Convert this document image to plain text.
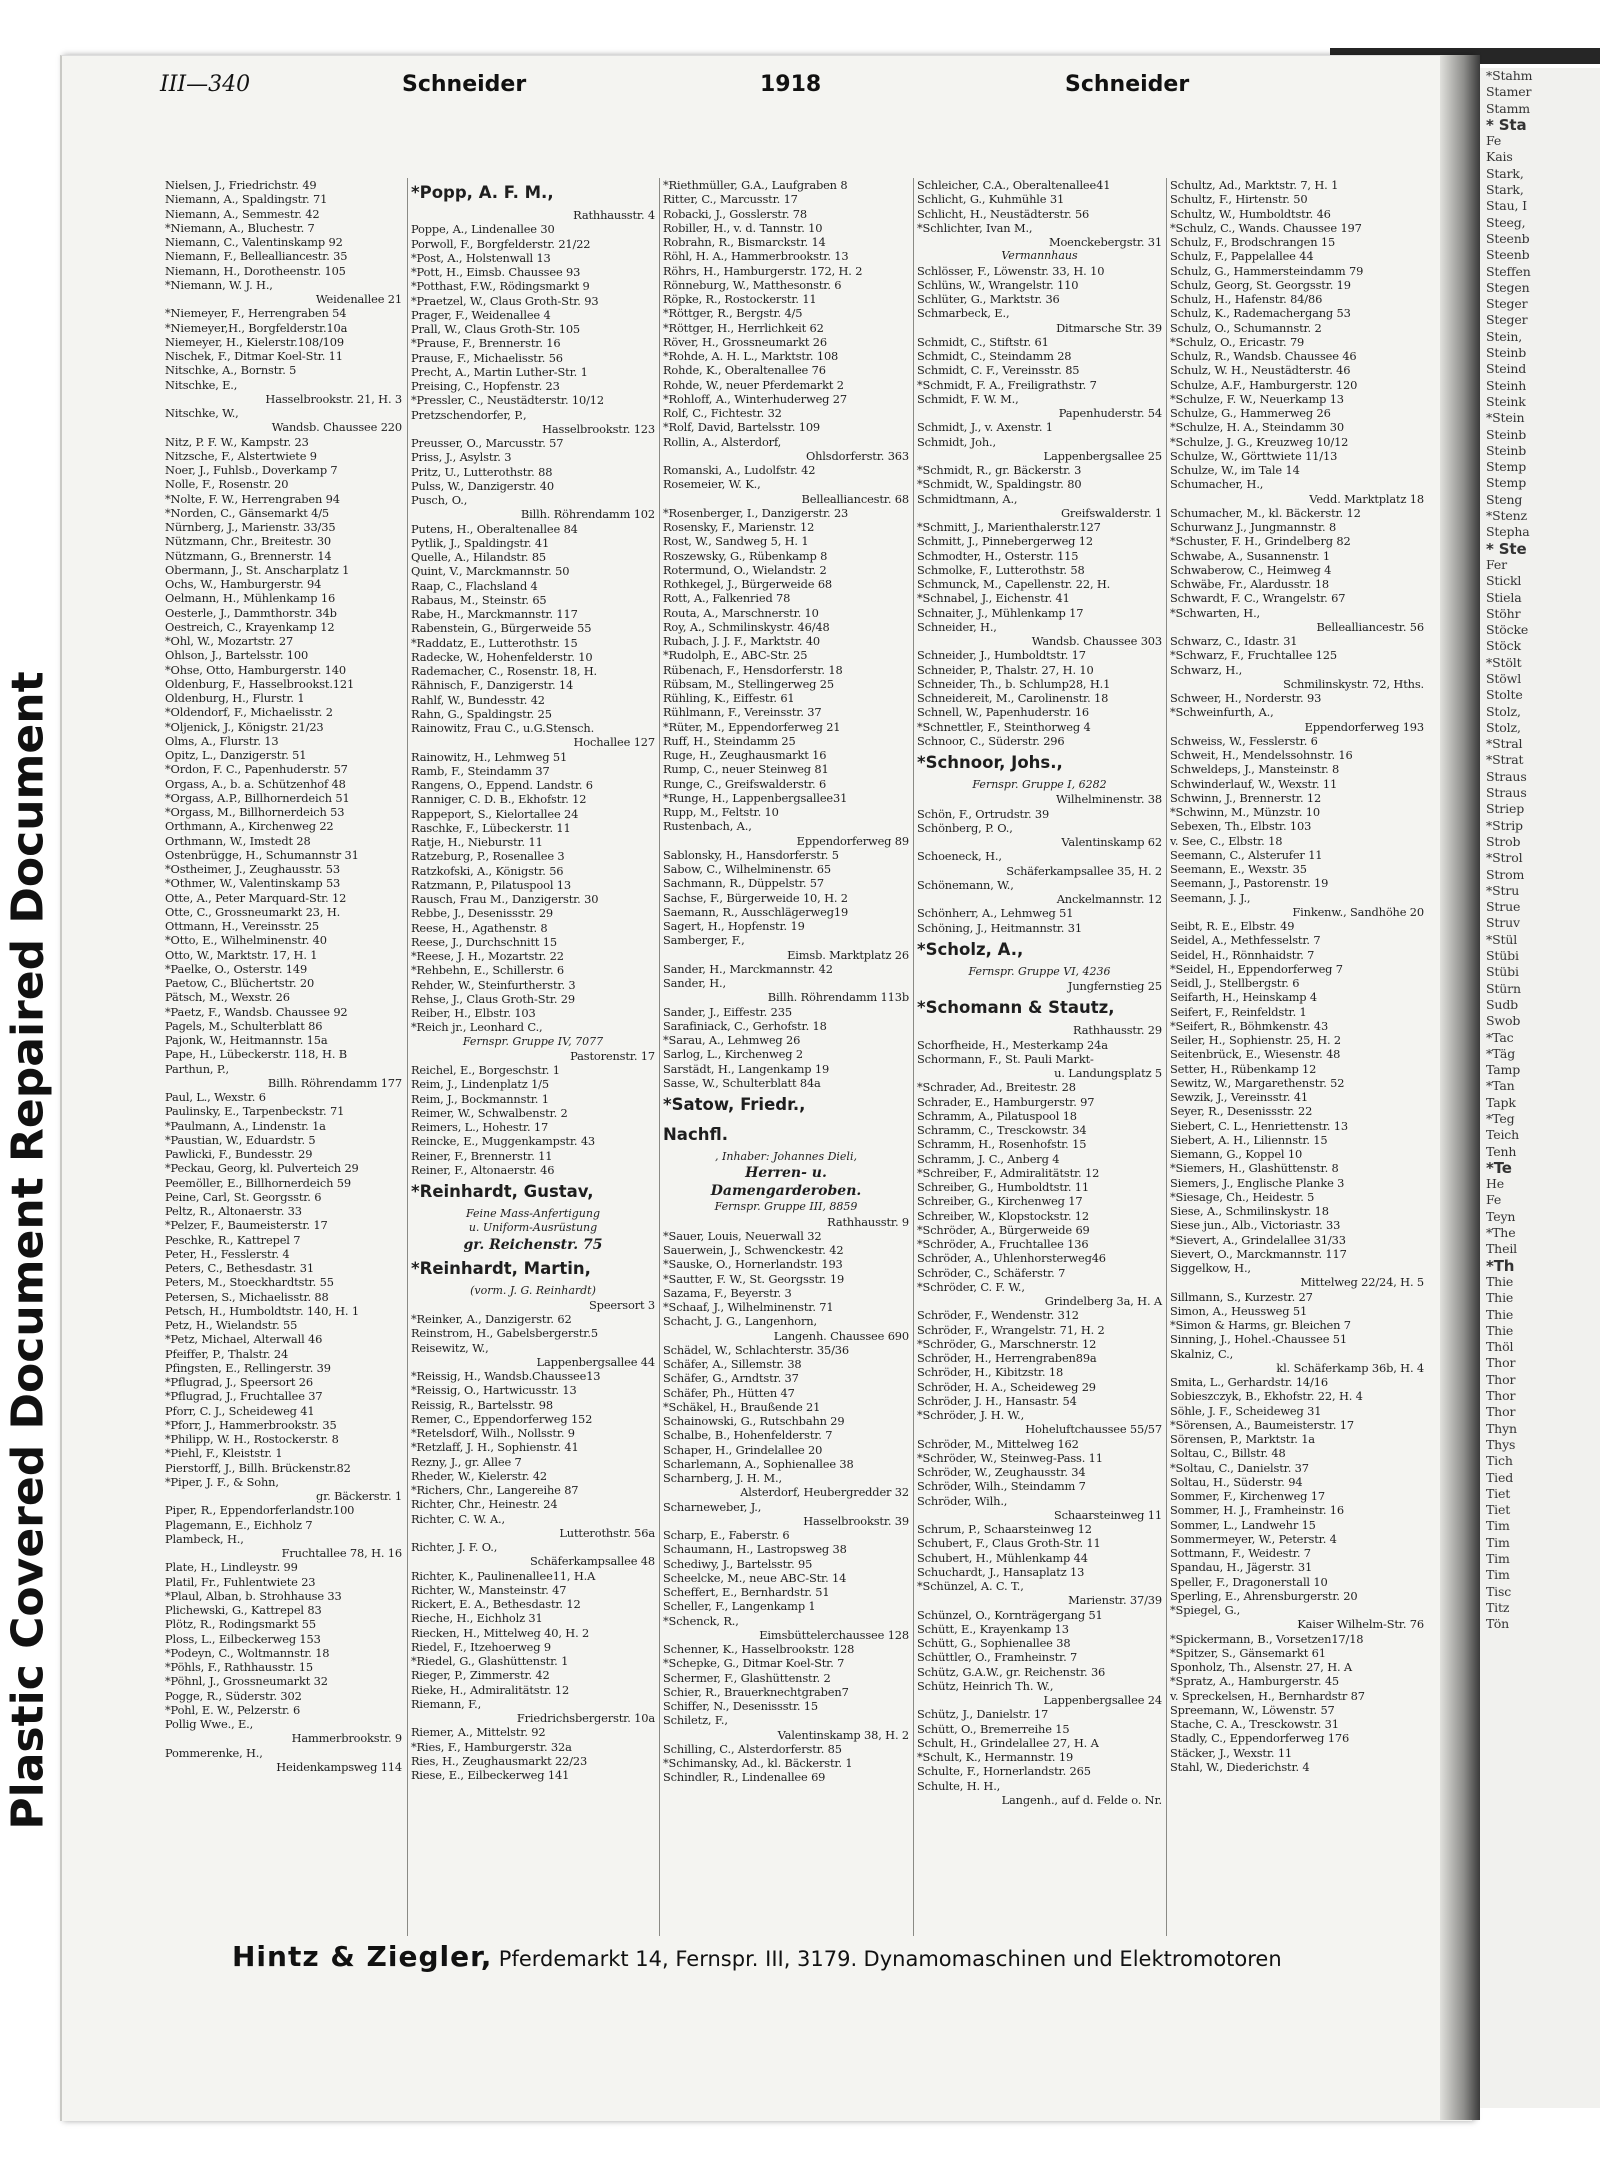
Plastic Covered Document Repaired Document
*Stahm
Stamer
Stamm
* Sta
Fe
Kais
Stark,
Stark,
Stau, I
Steeg,
Steenb
Steenb
Steffen
Stegen
Steger
Steger
Stein,
Steinb
Steind
Steinh
Steink
*Stein
Steinb
Steinb
Stemp
Stemp
Steng
*Stenz
Stepha
* Ste
Fer
Stickl
Stiela
Stöhr
Stöcke
Stöck
*Stölt
Stöwl
Stolte
Stolz,
Stolz,
*Stral
*Strat
Straus
Straus
Striep
*Strip
Strob
*Strol
Strom
*Stru
Strue
Struv
*Stül
Stübi
Stübi
Stürn
Sudb
Swob
*Tac
*Täg
Tamp
*Tan
Tapk
*Teg
Teich
Tenh
*Te
He
Fe
Teyn
*The
Theil
*Th
Thie
Thie
Thie
Thie
Thöl
Thor
Thor
Thor
Thor
Thyn
Thys
Tich
Tied
Tiet
Tiet
Tim
Tim
Tim
Tim
Tisc
Titz
Tön
III—340	Schneider	1918	Schneider
Nielsen, J., Friedrichstr. 49
Niemann, A., Spaldingstr. 71
Niemann, A., Semmestr. 42
*Niemann, A., Bluchestr. 7
Niemann, C., Valentinskamp 92
Niemann, F., Bellealliancestr. 35
Niemann, H., Dorotheenstr. 105
*Niemann, W. J. H.,
Weidenallee 21
*Niemeyer, F., Herrengraben 54
*Niemeyer,H., Borgfelderstr.10a
Niemeyer, H., Kielerstr.108/109
Nischek, F., Ditmar Koel-Str. 11
Nitschke, A., Bornstr. 5
Nitschke, E.,
Hasselbrookstr. 21, H. 3
Nitschke, W.,
Wandsb. Chaussee 220
Nitz, P. F. W., Kampstr. 23
Nitzsche, F., Alstertwiete 9
Noer, J., Fuhlsb., Doverkamp 7
Nolle, F., Rosenstr. 20
*Nolte, F. W., Herrengraben 94
*Norden, C., Gänsemarkt 4/5
Nürnberg, J., Marienstr. 33/35
Nützmann, Chr., Breitestr. 30
Nützmann, G., Brennerstr. 14
Obermann, J., St. Anscharplatz 1
Ochs, W., Hamburgerstr. 94
Oelmann, H., Mühlenkamp 16
Oesterle, J., Dammthorstr. 34b
Oestreich, C., Krayenkamp 12
*Ohl, W., Mozartstr. 27
Ohlson, J., Bartelsstr. 100
*Ohse, Otto, Hamburgerstr. 140
Oldenburg, F., Hasselbrookst.121
Oldenburg, H., Flurstr. 1
*Oldendorf, F., Michaelisstr. 2
*Oljenick, J., Königstr. 21/23
Olms, A., Flurstr. 13
Opitz, L., Danzigerstr. 51
*Ordon, F. C., Papenhuderstr. 57
Orgass, A., b. a. Schützenhof 48
*Orgass, A.P., Billhornerdeich 51
*Orgass, M., Billhornerdeich 53
Orthmann, A., Kirchenweg 22
Orthmann, W., Imstedt 28
Ostenbrügge, H., Schumannstr 31
*Ostheimer, J., Zeughausstr. 53
*Othmer, W., Valentinskamp 53
Otte, A., Peter Marquard-Str. 12
Otte, C., Grossneumarkt 23, H.
Ottmann, H., Vereinsstr. 25
*Otto, E., Wilhelminenstr. 40
Otto, W., Marktstr. 17, H. 1
*Paelke, O., Osterstr. 149
Paetow, C., Blüchertstr. 20
Pätsch, M., Wexstr. 26
*Paetz, F., Wandsb. Chaussee 92
Pagels, M., Schulterblatt 86
Pajonk, W., Heitmannstr. 15a
Pape, H., Lübeckerstr. 118, H. B
Parthun, P.,
Billh. Röhrendamm 177
Paul, L., Wexstr. 6
Paulinsky, E., Tarpenbeckstr. 71
*Paulmann, A., Lindenstr. 1a
*Paustian, W., Eduardstr. 5
Pawlicki, F., Bundesstr. 29
*Peckau, Georg, kl. Pulverteich 29
Peemöller, E., Billhornerdeich 59
Peine, Carl, St. Georgsstr. 6
Peltz, R., Altonaerstr. 33
*Pelzer, F., Baumeisterstr. 17
Peschke, R., Kattrepel 7
Peter, H., Fesslerstr. 4
Peters, C., Bethesdastr. 31
Peters, M., Stoeckhardtstr. 55
Petersen, S., Michaelisstr. 88
Petsch, H., Humboldtstr. 140, H. 1
Petz, H., Wielandstr. 55
*Petz, Michael, Alterwall 46
Pfeiffer, P., Thalstr. 24
Pfingsten, E., Rellingerstr. 39
*Pflugrad, J., Speersort 26
*Pflugrad, J., Fruchtallee 37
Pforr, C. J., Scheideweg 41
*Pforr, J., Hammerbrookstr. 35
*Philipp, W. H., Rostockerstr. 8
*Piehl, F., Kleiststr. 1
Pierstorff, J., Billh. Brückenstr.82
*Piper, J. F., & Sohn,
gr. Bäckerstr. 1
Piper, R., Eppendorferlandstr.100
Plagemann, E., Eichholz 7
Plambeck, H.,
Fruchtallee 78, H. 16
Plate, H., Lindleystr. 99
Platil, Fr., Fuhlentwiete 23
*Plaul, Alban, b. Strohhause 33
Plichewski, G., Kattrepel 83
Plötz, R., Rodingsmarkt 55
Ploss, L., Eilbeckerweg 153
*Podeyn, C., Woltmannstr. 18
*Pöhls, F., Rathhausstr. 15
*Pöhnl, J., Grossneumarkt 32
Pogge, R., Süderstr. 302
*Pohl, E. W., Pelzerstr. 6
Pollig Wwe., E.,
Hammerbrookstr. 9
Pommerenke, H.,
Heidenkampsweg 114
*Popp, A. F. M.,
Rathhausstr. 4
Poppe, A., Lindenallee 30
Porwoll, F., Borgfelderstr. 21/22
*Post, A., Holstenwall 13
*Pott, H., Eimsb. Chaussee 93
*Potthast, F.W., Rödingsmarkt 9
*Praetzel, W., Claus Groth-Str. 93
Prager, F., Weidenallee 4
Prall, W., Claus Groth-Str. 105
*Prause, F., Brennerstr. 16
Prause, F., Michaelisstr. 56
Precht, A., Martin Luther-Str. 1
Preising, C., Hopfenstr. 23
*Pressler, C., Neustädterstr. 10/12
Pretzschendorfer, P.,
Hasselbrookstr. 123
Preusser, O., Marcusstr. 57
Priss, J., Asylstr. 3
Pritz, U., Lutterothstr. 88
Pulss, W., Danzigerstr. 40
Pusch, O.,
Billh. Röhrendamm 102
Putens, H., Oberaltenallee 84
Pytlik, J., Spaldingstr. 41
Quelle, A., Hilandstr. 85
Quint, V., Marckmannstr. 50
Raap, C., Flachsland 4
Rabaus, M., Steinstr. 65
Rabe, H., Marckmannstr. 117
Rabenstein, G., Bürgerweide 55
*Raddatz, E., Lutterothstr. 15
Radecke, W., Hohenfelderstr. 10
Rademacher, C., Rosenstr. 18, H.
Rähnisch, F., Danzigerstr. 14
Rahlf, W., Bundesstr. 42
Rahn, G., Spaldingstr. 25
Rainowitz, Frau C., u.G.Stensch.
Hochallee 127
Rainowitz, H., Lehmweg 51
Ramb, F., Steindamm 37
Rangens, O., Eppend. Landstr. 6
Ranniger, C. D. B., Ekhofstr. 12
Rappeport, S., Kielortallee 24
Raschke, F., Lübeckerstr. 11
Ratje, H., Nieburstr. 11
Ratzeburg, P., Rosenallee 3
Ratzkofski, A., Königstr. 56
Ratzmann, P., Pilatuspool 13
Rausch, Frau M., Danzigerstr. 30
Rebbe, J., Desenissstr. 29
Reese, H., Agathenstr. 8
Reese, J., Durchschnitt 15
*Reese, J. H., Mozartstr. 22
*Rehbehn, E., Schillerstr. 6
Rehder, W., Steinfurtherstr. 3
Rehse, J., Claus Groth-Str. 29
Reiber, H., Elbstr. 103
*Reich jr., Leonhard C.,
Fernspr. Gruppe IV, 7077
Pastorenstr. 17
Reichel, E., Borgeschstr. 1
Reim, J., Lindenplatz 1/5
Reim, J., Bockmannstr. 1
Reimer, W., Schwalbenstr. 2
Reimers, L., Hohestr. 17
Reincke, E., Muggenkampstr. 43
Reiner, F., Brennerstr. 11
Reiner, F., Altonaerstr. 46
*Reinhardt, Gustav,
Feine Mass-Anfertigung
u. Uniform-Ausrüstung
gr. Reichenstr. 75
*Reinhardt, Martin,
(vorm. J. G. Reinhardt)
Speersort 3
*Reinker, A., Danzigerstr. 62
Reinstrom, H., Gabelsbergerstr.5
Reisewitz, W.,
Lappenbergsallee 44
*Reissig, H., Wandsb.Chaussee13
*Reissig, O., Hartwicusstr. 13
Reissig, R., Bartelsstr. 98
Remer, C., Eppendorferweg 152
*Retelsdorf, Wilh., Nollsstr. 9
*Retzlaff, J. H., Sophienstr. 41
Rezny, J., gr. Allee 7
Rheder, W., Kielerstr. 42
*Richers, Chr., Langereihe 87
Richter, Chr., Heinestr. 24
Richter, C. W. A.,
Lutterothstr. 56a
Richter, J. F. O.,
Schäferkampsallee 48
Richter, K., Paulinenallee11, H.A
Richter, W., Mansteinstr. 47
Rickert, E. A., Bethesdastr. 12
Rieche, H., Eichholz 31
Riecken, H., Mittelweg 40, H. 2
Riedel, F., Itzehoerweg 9
*Riedel, G., Glashüttenstr. 1
Rieger, P., Zimmerstr. 42
Rieke, H., Admiralitätstr. 12
Riemann, F.,
Friedrichsbergerstr. 10a
Riemer, A., Mittelstr. 92
*Ries, F., Hamburgerstr. 32a
Ries, H., Zeughausmarkt 22/23
Riese, E., Eilbeckerweg 141
*Riethmüller, G.A., Laufgraben 8
Ritter, C., Marcusstr. 17
Robacki, J., Gosslerstr. 78
Robiller, H., v. d. Tannstr. 10
Robrahn, R., Bismarckstr. 14
Röhl, H. A., Hammerbrookstr. 13
Röhrs, H., Hamburgerstr. 172, H. 2
Rönneburg, W., Matthesonstr. 6
Röpke, R., Rostockerstr. 11
*Röttger, R., Bergstr. 4/5
*Röttger, H., Herrlichkeit 62
Röver, H., Grossneumarkt 26
*Rohde, A. H. L., Marktstr. 108
Rohde, K., Oberaltenallee 76
Rohde, W., neuer Pferdemarkt 2
*Rohloff, A., Winterhuderweg 27
Rolf, C., Fichtestr. 32
*Rolf, David, Bartelsstr. 109
Rollin, A., Alsterdorf,
Ohlsdorferstr. 363
Romanski, A., Ludolfstr. 42
Rosemeier, W. K.,
Bellealliancestr. 68
*Rosenberger, I., Danzigerstr. 23
Rosensky, F., Marienstr. 12
Rost, W., Sandweg 5, H. 1
Roszewsky, G., Rübenkamp 8
Rotermund, O., Wielandstr. 2
Rothkegel, J., Bürgerweide 68
Rott, A., Falkenried 78
Routa, A., Marschnerstr. 10
Roy, A., Schmilinskystr. 46/48
Rubach, J. J. F., Marktstr. 40
*Rudolph, E., ABC-Str. 25
Rübenach, F., Hensdorferstr. 18
Rübsam, M., Stellingerweg 25
Rühling, K., Eiffestr. 61
Rühlmann, F., Vereinsstr. 37
*Rüter, M., Eppendorferweg 21
Ruff, H., Steindamm 25
Ruge, H., Zeughausmarkt 16
Rump, C., neuer Steinweg 81
Runge, C., Greifswalderstr. 6
*Runge, H., Lappenbergsallee31
Rupp, M., Feltstr. 10
Rustenbach, A.,
Eppendorferweg 89
Sablonsky, H., Hansdorferstr. 5
Sabow, C., Wilhelminenstr. 65
Sachmann, R., Düppelstr. 57
Sachse, F., Bürgerweide 10, H. 2
Saemann, R., Ausschlägerweg19
Sagert, H., Hopfenstr. 19
Samberger, F.,
Eimsb. Marktplatz 26
Sander, H., Marckmannstr. 42
Sander, H.,
Billh. Röhrendamm 113b
Sander, J., Eiffestr. 235
Sarafiniack, C., Gerhofstr. 18
*Sarau, A., Lehmweg 26
Sarlog, L., Kirchenweg 2
Sarstädt, H., Langenkamp 19
Sasse, W., Schulterblatt 84a
*Satow, Friedr.,
Nachfl.
, Inhaber: Johannes Dieli,
Herren- u.
Damengarderoben.
Fernspr. Gruppe III, 8859
Rathhausstr. 9
*Sauer, Louis, Neuerwall 32
Sauerwein, J., Schwenckestr. 42
*Sauske, O., Hornerlandstr. 193
*Sautter, F. W., St. Georgsstr. 19
Sazama, F., Beyerstr. 3
*Schaaf, J., Wilhelminenstr. 71
Schacht, J. G., Langenhorn,
Langenh. Chaussee 690
Schädel, W., Schlachterstr. 35/36
Schäfer, A., Sillemstr. 38
Schäfer, G., Arndtstr. 37
Schäfer, Ph., Hütten 47
*Schäkel, H., Braußende 21
Schainowski, G., Rutschbahn 29
Schalbe, B., Hohenfelderstr. 7
Schaper, H., Grindelallee 20
Scharlemann, A., Sophienallee 38
Scharnberg, J. H. M.,
Alsterdorf, Heubergredder 32
Scharneweber, J.,
Hasselbrookstr. 39
Scharp, E., Faberstr. 6
Schaumann, H., Lastropsweg 38
Schediwy, J., Bartelsstr. 95
Scheelcke, M., neue ABC-Str. 14
Scheffert, E., Bernhardstr. 51
Scheller, F., Langenkamp 1
*Schenck, R.,
Eimsbüttelerchaussee 128
Schenner, K., Hasselbrookstr. 128
*Schepke, G., Ditmar Koel-Str. 7
Schermer, F., Glashüttenstr. 2
Schier, R., Brauerknechtgraben7
Schiffer, N., Desenissstr. 15
Schiletz, F.,
Valentinskamp 38, H. 2
Schilling, C., Alsterdorferstr. 85
*Schimansky, Ad., kl. Bäckerstr. 1
Schindler, R., Lindenallee 69
Schleicher, C.A., Oberaltenallee41
Schlicht, G., Kuhmühle 31
Schlicht, H., Neustädterstr. 56
*Schlichter, Ivan M.,
Moenckebergstr. 31
Vermannhaus
Schlösser, F., Löwenstr. 33, H. 10
Schlüns, W., Wrangelstr. 110
Schlüter, G., Marktstr. 36
Schmarbeck, E.,
Ditmarsche Str. 39
Schmidt, C., Stiftstr. 61
Schmidt, C., Steindamm 28
Schmidt, C. F., Vereinsstr. 85
*Schmidt, F. A., Freiligrathstr. 7
Schmidt, F. W. M.,
Papenhuderstr. 54
Schmidt, J., v. Axenstr. 1
Schmidt, Joh.,
Lappenbergsallee 25
*Schmidt, R., gr. Bäckerstr. 3
*Schmidt, W., Spaldingstr. 80
Schmidtmann, A.,
Greifswalderstr. 1
*Schmitt, J., Marienthalerstr.127
Schmitt, J., Pinnebergerweg 12
Schmodter, H., Osterstr. 115
Schmolke, F., Lutterothstr. 58
Schmunck, M., Capellenstr. 22, H.
*Schnabel, J., Eichenstr. 41
Schnaiter, J., Mühlenkamp 17
Schneider, H.,
Wandsb. Chaussee 303
Schneider, J., Humboldtstr. 17
Schneider, P., Thalstr. 27, H. 10
Schneider, Th., b. Schlump28, H.1
Schneidereit, M., Carolinenstr. 18
Schnell, W., Papenhuderstr. 16
*Schnettler, F., Steinthorweg 4
Schnoor, C., Süderstr. 296
*Schnoor, Johs.,
Fernspr. Gruppe I, 6282
Wilhelminenstr. 38
Schön, F., Ortrudstr. 39
Schönberg, P. O.,
Valentinskamp 62
Schoeneck, H.,
Schäferkampsallee 35, H. 2
Schönemann, W.,
Anckelmannstr. 12
Schönherr, A., Lehmweg 51
Schöning, J., Heitmannstr. 31
*Scholz, A.,
Fernspr. Gruppe VI, 4236
Jungfernstieg 25
*Schomann & Stautz,
Rathhausstr. 29
Schorfheide, H., Mesterkamp 24a
Schormann, F., St. Pauli Markt-
u. Landungsplatz 5
*Schrader, Ad., Breitestr. 28
Schrader, E., Hamburgerstr. 97
Schramm, A., Pilatuspool 18
Schramm, C., Tresckowstr. 34
Schramm, H., Rosenhofstr. 15
Schramm, J. C., Anberg 4
*Schreiber, F., Admiralitätstr. 12
Schreiber, G., Humboldtstr. 11
Schreiber, G., Kirchenweg 17
Schreiber, W., Klopstockstr. 12
*Schröder, A., Bürgerweide 69
*Schröder, A., Fruchtallee 136
Schröder, A., Uhlenhorsterweg46
Schröder, C., Schäferstr. 7
*Schröder, C. F. W.,
Grindelberg 3a, H. A
Schröder, F., Wendenstr. 312
Schröder, F., Wrangelstr. 71, H. 2
*Schröder, G., Marschnerstr. 12
Schröder, H., Herrengraben89a
Schröder, H., Kibitzstr. 18
Schröder, H. A., Scheideweg 29
Schröder, J. H., Hansastr. 54
*Schröder, J. H. W.,
Hoheluftchaussee 55/57
Schröder, M., Mittelweg 162
*Schröder, W., Steinweg-Pass. 11
Schröder, W., Zeughausstr. 34
Schröder, Wilh., Steindamm 7
Schröder, Wilh.,
Schaarsteinweg 11
Schrum, P., Schaarsteinweg 12
Schubert, F., Claus Groth-Str. 11
Schubert, H., Mühlenkamp 44
Schuchardt, J., Hansaplatz 13
*Schünzel, A. C. T.,
Marienstr. 37/39
Schünzel, O., Kornträgergang 51
Schütt, E., Krayenkamp 13
Schütt, G., Sophienallee 38
Schüttler, O., Framheinstr. 7
Schütz, G.A.W., gr. Reichenstr. 36
Schütz, Heinrich Th. W.,
Lappenbergsallee 24
Schütz, J., Danielstr. 17
Schütt, O., Bremerreihe 15
Schult, H., Grindelallee 27, H. A
*Schult, K., Hermannstr. 19
Schulte, F., Hornerlandstr. 265
Schulte, H. H.,
Langenh., auf d. Felde o. Nr.
Schultz, Ad., Marktstr. 7, H. 1
Schultz, F., Hirtenstr. 50
Schultz, W., Humboldtstr. 46
*Schulz, C., Wands. Chaussee 197
Schulz, F., Brodschrangen 15
Schulz, F., Pappelallee 44
Schulz, G., Hammersteindamm 79
Schulz, Georg, St. Georgsstr. 19
Schulz, H., Hafenstr. 84/86
Schulz, K., Rademachergang 53
Schulz, O., Schumannstr. 2
*Schulz, O., Ericastr. 79
Schulz, R., Wandsb. Chaussee 46
Schulz, W. H., Neustädterstr. 46
Schulze, A.F., Hamburgerstr. 120
*Schulze, F. W., Neuerkamp 13
Schulze, G., Hammerweg 26
*Schulze, H. A., Steindamm 30
*Schulze, J. G., Kreuzweg 10/12
Schulze, W., Görttwiete 11/13
Schulze, W., im Tale 14
Schumacher, H.,
Vedd. Marktplatz 18
Schumacher, M., kl. Bäckerstr. 12
Schurwanz J., Jungmannstr. 8
*Schuster, F. H., Grindelberg 82
Schwabe, A., Susannenstr. 1
Schwaberow, C., Heimweg 4
Schwäbe, Fr., Alardusstr. 18
Schwardt, F. C., Wrangelstr. 67
*Schwarten, H.,
Bellealliancestr. 56
Schwarz, C., Idastr. 31
*Schwarz, F., Fruchtallee 125
Schwarz, H.,
Schmilinskystr. 72, Hths.
Schweer, H., Norderstr. 93
*Schweinfurth, A.,
Eppendorferweg 193
Schweiss, W., Fesslerstr. 6
Schweit, H., Mendelssohnstr. 16
Schweldeps, J., Mansteinstr. 8
Schwinderlauf, W., Wexstr. 11
Schwinn, J., Brennerstr. 12
*Schwinn, M., Münzstr. 10
Sebexen, Th., Elbstr. 103
v. See, C., Elbstr. 18
Seemann, C., Alsterufer 11
Seemann, E., Wexstr. 35
Seemann, J., Pastorenstr. 19
Seemann, J. J.,
Finkenw., Sandhöhe 20
Seibt, R. E., Elbstr. 49
Seidel, A., Methfesselstr. 7
Seidel, H., Rönnhaidstr. 7
*Seidel, H., Eppendorferweg 7
Seidl, J., Stellbergstr. 6
Seifarth, H., Heinskamp 4
Seifert, F., Reinfeldstr. 1
*Seifert, R., Böhmkenstr. 43
Seiler, H., Sophienstr. 25, H. 2
Seitenbrück, E., Wiesenstr. 48
Setter, H., Rübenkamp 12
Sewitz, W., Margarethenstr. 52
Sewzik, J., Vereinsstr. 41
Seyer, R., Desenissstr. 22
Siebert, C. L., Henriettenstr. 13
Siebert, A. H., Liliennstr. 15
Siemann, G., Koppel 10
*Siemers, H., Glashüttenstr. 8
Siemers, J., Englische Planke 3
*Siesage, Ch., Heidestr. 5
Siese, A., Schmilinskystr. 18
Siese jun., Alb., Victoriastr. 33
*Sievert, A., Grindelallee 31/33
Sievert, O., Marckmannstr. 117
Siggelkow, H.,
Mittelweg 22/24, H. 5
Sillmann, S., Kurzestr. 27
Simon, A., Heussweg 51
*Simon & Harms, gr. Bleichen 7
Sinning, J., Hohel.-Chaussee 51
Skalniz, C.,
kl. Schäferkamp 36b, H. 4
Smita, L., Gerhardstr. 14/16
Sobieszczyk, B., Ekhofstr. 22, H. 4
Söhle, J. F., Scheideweg 31
*Sörensen, A., Baumeisterstr. 17
Sörensen, P., Marktstr. 1a
Soltau, C., Billstr. 48
*Soltau, C., Danielstr. 37
Soltau, H., Süderstr. 94
Sommer, F., Kirchenweg 17
Sommer, H. J., Framheinstr. 16
Sommer, L., Landwehr 15
Sommermeyer, W., Peterstr. 4
Sottmann, F., Weidestr. 7
Spandau, H., Jägerstr. 31
Speller, F., Dragonerstall 10
Sperling, E., Ahrensburgerstr. 20
*Spiegel, G.,
Kaiser Wilhelm-Str. 76
*Spickermann, B., Vorsetzen17/18
*Spitzer, S., Gänsemarkt 61
Sponholz, Th., Alsenstr. 27, H. A
*Spratz, A., Hamburgerstr. 45
v. Spreckelsen, H., Bernhardstr 87
Spreemann, W., Löwenstr. 57
Stache, C. A., Tresckowstr. 31
Stadly, C., Eppendorferweg 176
Stäcker, J., Wexstr. 11
Stahl, W., Diederichstr. 4
Hintz & Ziegler, Pferdemarkt 14, Fernspr. III, 3179. Dynamomaschinen und Elektromotoren
